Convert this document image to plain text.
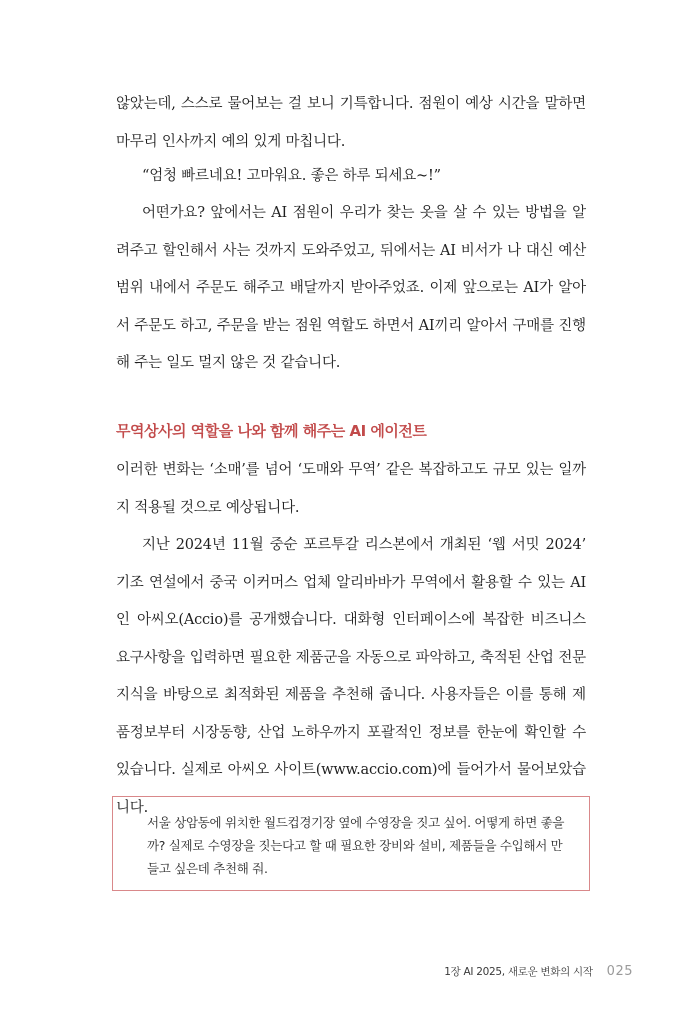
않았는데, 스스로 물어보는 걸 보니 기특합니다. 점원이 예상 시간을 말하면 마무리 인사까지 예의 있게 마칩니다.

“엄청 빠르네요! 고마워요. 좋은 하루 되세요~!”

어떤가요? 앞에서는 AI 점원이 우리가 찾는 옷을 살 수 있는 방법을 알려주고 할인해서 사는 것까지 도와주었고, 뒤에서는 AI 비서가 나 대신 예산 범위 내에서 주문도 해주고 배달까지 받아주었죠. 이제 앞으로는 AI가 알아서 주문도 하고, 주문을 받는 점원 역할도 하면서 AI끼리 알아서 구매를 진행해 주는 일도 멀지 않은 것 같습니다.

무역상사의 역할을 나와 함께 해주는 AI 에이전트

이러한 변화는 ‘소매’를 넘어 ‘도매와 무역’ 같은 복잡하고도 규모 있는 일까지 적용될 것으로 예상됩니다.

지난 2024년 11월 중순 포르투갈 리스본에서 개최된 ‘웹 서밋 2024’ 기조 연설에서 중국 이커머스 업체 알리바바가 무역에서 활용할 수 있는 AI인 아씨오(Accio)를 공개했습니다. 대화형 인터페이스에 복잡한 비즈니스 요구사항을 입력하면 필요한 제품군을 자동으로 파악하고, 축적된 산업 전문지식을 바탕으로 최적화된 제품을 추천해 줍니다. 사용자들은 이를 통해 제품정보부터 시장동향, 산업 노하우까지 포괄적인 정보를 한눈에 확인할 수 있습니다. 실제로 아씨오 사이트(www.accio.com)에 들어가서 물어보았습니다.

서울 상암동에 위치한 월드컵경기장 옆에 수영장을 짓고 싶어. 어떻게 하면 좋을까? 실제로 수영장을 짓는다고 할 때 필요한 장비와 설비, 제품들을 수입해서 만들고 싶은데 추천해 줘.
1장 AI 2025, 새로운 변화의 시작 025
